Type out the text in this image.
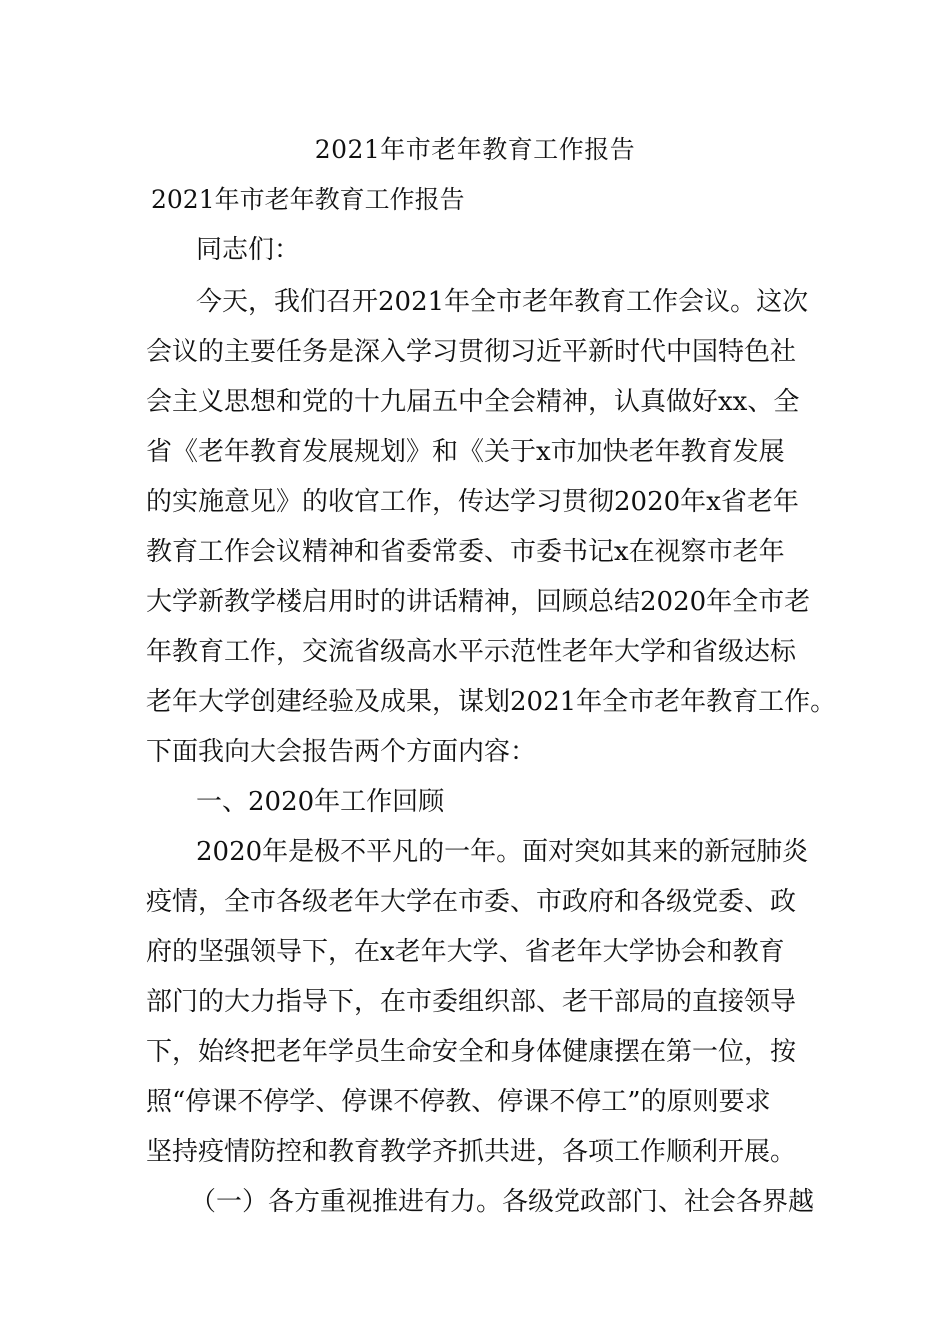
2021年市老年教育工作报告
2021年市老年教育工作报告
同志们：
今天，我们召开2021年全市老年教育工作会议。这次
会议的主要任务是深入学习贯彻习近平新时代中国特色社
会主义思想和党的十九届五中全会精神，认真做好xx、全
省《老年教育发展规划》和《关于x市加快老年教育发展
的实施意见》的收官工作，传达学习贯彻2020年x省老年
教育工作会议精神和省委常委、市委书记x在视察市老年
大学新教学楼启用时的讲话精神，回顾总结2020年全市老
年教育工作，交流省级高水平示范性老年大学和省级达标
老年大学创建经验及成果，谋划2021年全市老年教育工作。
下面我向大会报告两个方面内容：
一、2020年工作回顾
2020年是极不平凡的一年。面对突如其来的新冠肺炎
疫情，全市各级老年大学在市委、市政府和各级党委、政
府的坚强领导下，在x老年大学、省老年大学协会和教育
部门的大力指导下，在市委组织部、老干部局的直接领导
下，始终把老年学员生命安全和身体健康摆在第一位，按
照“停课不停学、停课不停教、停课不停工”的原则要求
坚持疫情防控和教育教学齐抓共进，各项工作顺利开展。
（一）各方重视推进有力。各级党政部门、社会各界越
